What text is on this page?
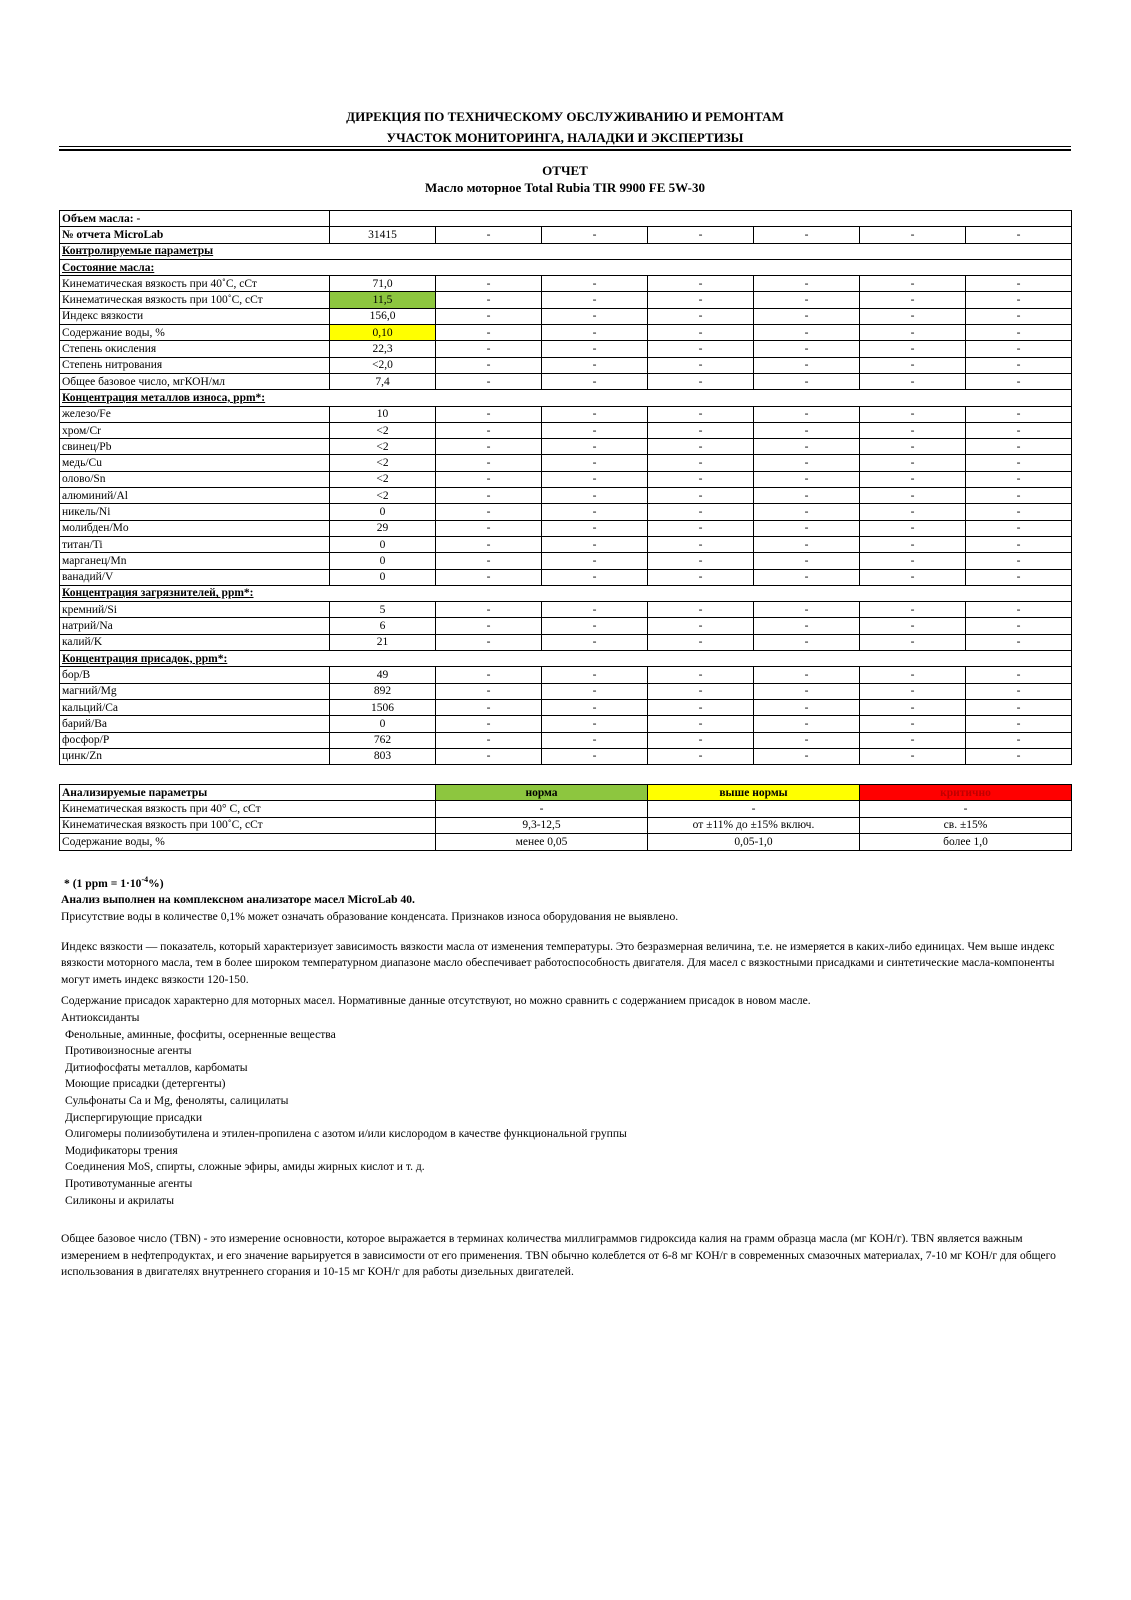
ДИРЕКЦИЯ ПО ТЕХНИЧЕСКОМУ ОБСЛУЖИВАНИЮ И РЕМОНТАМ
УЧАСТОК МОНИТОРИНГА, НАЛАДКИ И ЭКСПЕРТИЗЫ
ОТЧЕТ
Масло моторное Total Rubia TIR 9900 FE 5W-30
Объем масла: -							
№ отчета MicroLab	31415	-	-	-	-	-	-
Контролируемые параметры							
Состояние масла:							
Кинематическая вязкость при 40˚С, сСт	71,0	-	-	-	-	-	-
Кинематическая вязкость при 100˚С, сСт	11,5	-	-	-	-	-	-
Индекс вязкости	156,0	-	-	-	-	-	-
Содержание воды, %	0,10	-	-	-	-	-	-
Степень окисления	22,3	-	-	-	-	-	-
Степень нитрования	<2,0	-	-	-	-	-	-
Общее базовое число, мгКОН/мл	7,4	-	-	-	-	-	-
Концентрация металлов износа, ppm*:							
железо/Fe	10	-	-	-	-	-	-
хром/Cr	<2	-	-	-	-	-	-
свинец/Pb	<2	-	-	-	-	-	-
медь/Cu	<2	-	-	-	-	-	-
олово/Sn	<2	-	-	-	-	-	-
алюминий/Al	<2	-	-	-	-	-	-
никель/Ni	0	-	-	-	-	-	-
молибден/Mo	29	-	-	-	-	-	-
титан/Ti	0	-	-	-	-	-	-
марганец/Mn	0	-	-	-	-	-	-
ванадий/V	0	-	-	-	-	-	-
Концентрация загрязнителей, ppm*:							
кремний/Si	5	-	-	-	-	-	-
натрий/Na	6	-	-	-	-	-	-
калий/K	21	-	-	-	-	-	-
Концентрация присадок, ppm*:							
бор/B	49	-	-	-	-	-	-
магний/Mg	892	-	-	-	-	-	-
кальций/Ca	1506	-	-	-	-	-	-
барий/Ba	0	-	-	-	-	-	-
фосфор/P	762	-	-	-	-	-	-
цинк/Zn	803	-	-	-	-	-	-
Анализируемые параметры	норма	выше нормы	критично
Кинематическая вязкость при 40° С, сСт	-	-	-
Кинематическая вязкость при 100˚С, сСт	9,3-12,5	от ±11% до ±15% включ.	св. ±15%
Содержание воды, %	менее 0,05	0,05-1,0	более 1,0

* (1 ppm = $1\cdot 10^{-4}\%$)

Анализ выполнен на комплексном анализаторе масел MicroLab 40.

Присутствие воды в количестве 0,1% может означать образование конденсата. Признаков износа оборудования не выявлено.

Индекс вязкости — показатель, который характеризует зависимость вязкости масла от изменения температуры. Это безразмерная величина, т.е. не измеряется в каких-либо единицах. Чем выше индекс вязкости моторного масла, тем в более широком температурном диапазоне масло обеспечивает работоспособность двигателя. Для масел с вязкостными присадками и синтетические масла-компоненты могут иметь индекс вязкости 120-150.

Содержание присадок характерно для моторных масел. Нормативные данные отсутствуют, но можно сравнить с содержанием присадок в новом масле.

Антиоксиданты

Фенольные, аминные, фосфиты, осерненные вещества

Противоизносные агенты

Дитиофосфаты металлов, карбоматы

Моющие присадки (детергенты)

Сульфонаты Ca и Mg, феноляты, салицилаты

Диспергирующие присадки

Олигомеры полиизобутилена и этилен-пропилена с азотом и/или кислородом в качестве функциональной группы

Модификаторы трения

Соединения MoS, спирты, сложные эфиры, амиды жирных кислот и т. д.

Противотуманные агенты

Силиконы и акрилаты

Общее базовое число (TBN) - это измерение основности, которое выражается в терминах количества миллиграммов гидроксида калия на грамм образца масла (мг КОН/г). TBN является важным измерением в нефтепродуктах, и его значение варьируется в зависимости от его применения. TBN обычно колеблется от 6-8 мг КОН/г в современных смазочных материалах, 7-10 мг КОН/г для общего использования в двигателях внутреннего сгорания и 10-15 мг КОН/г для работы дизельных двигателей.
